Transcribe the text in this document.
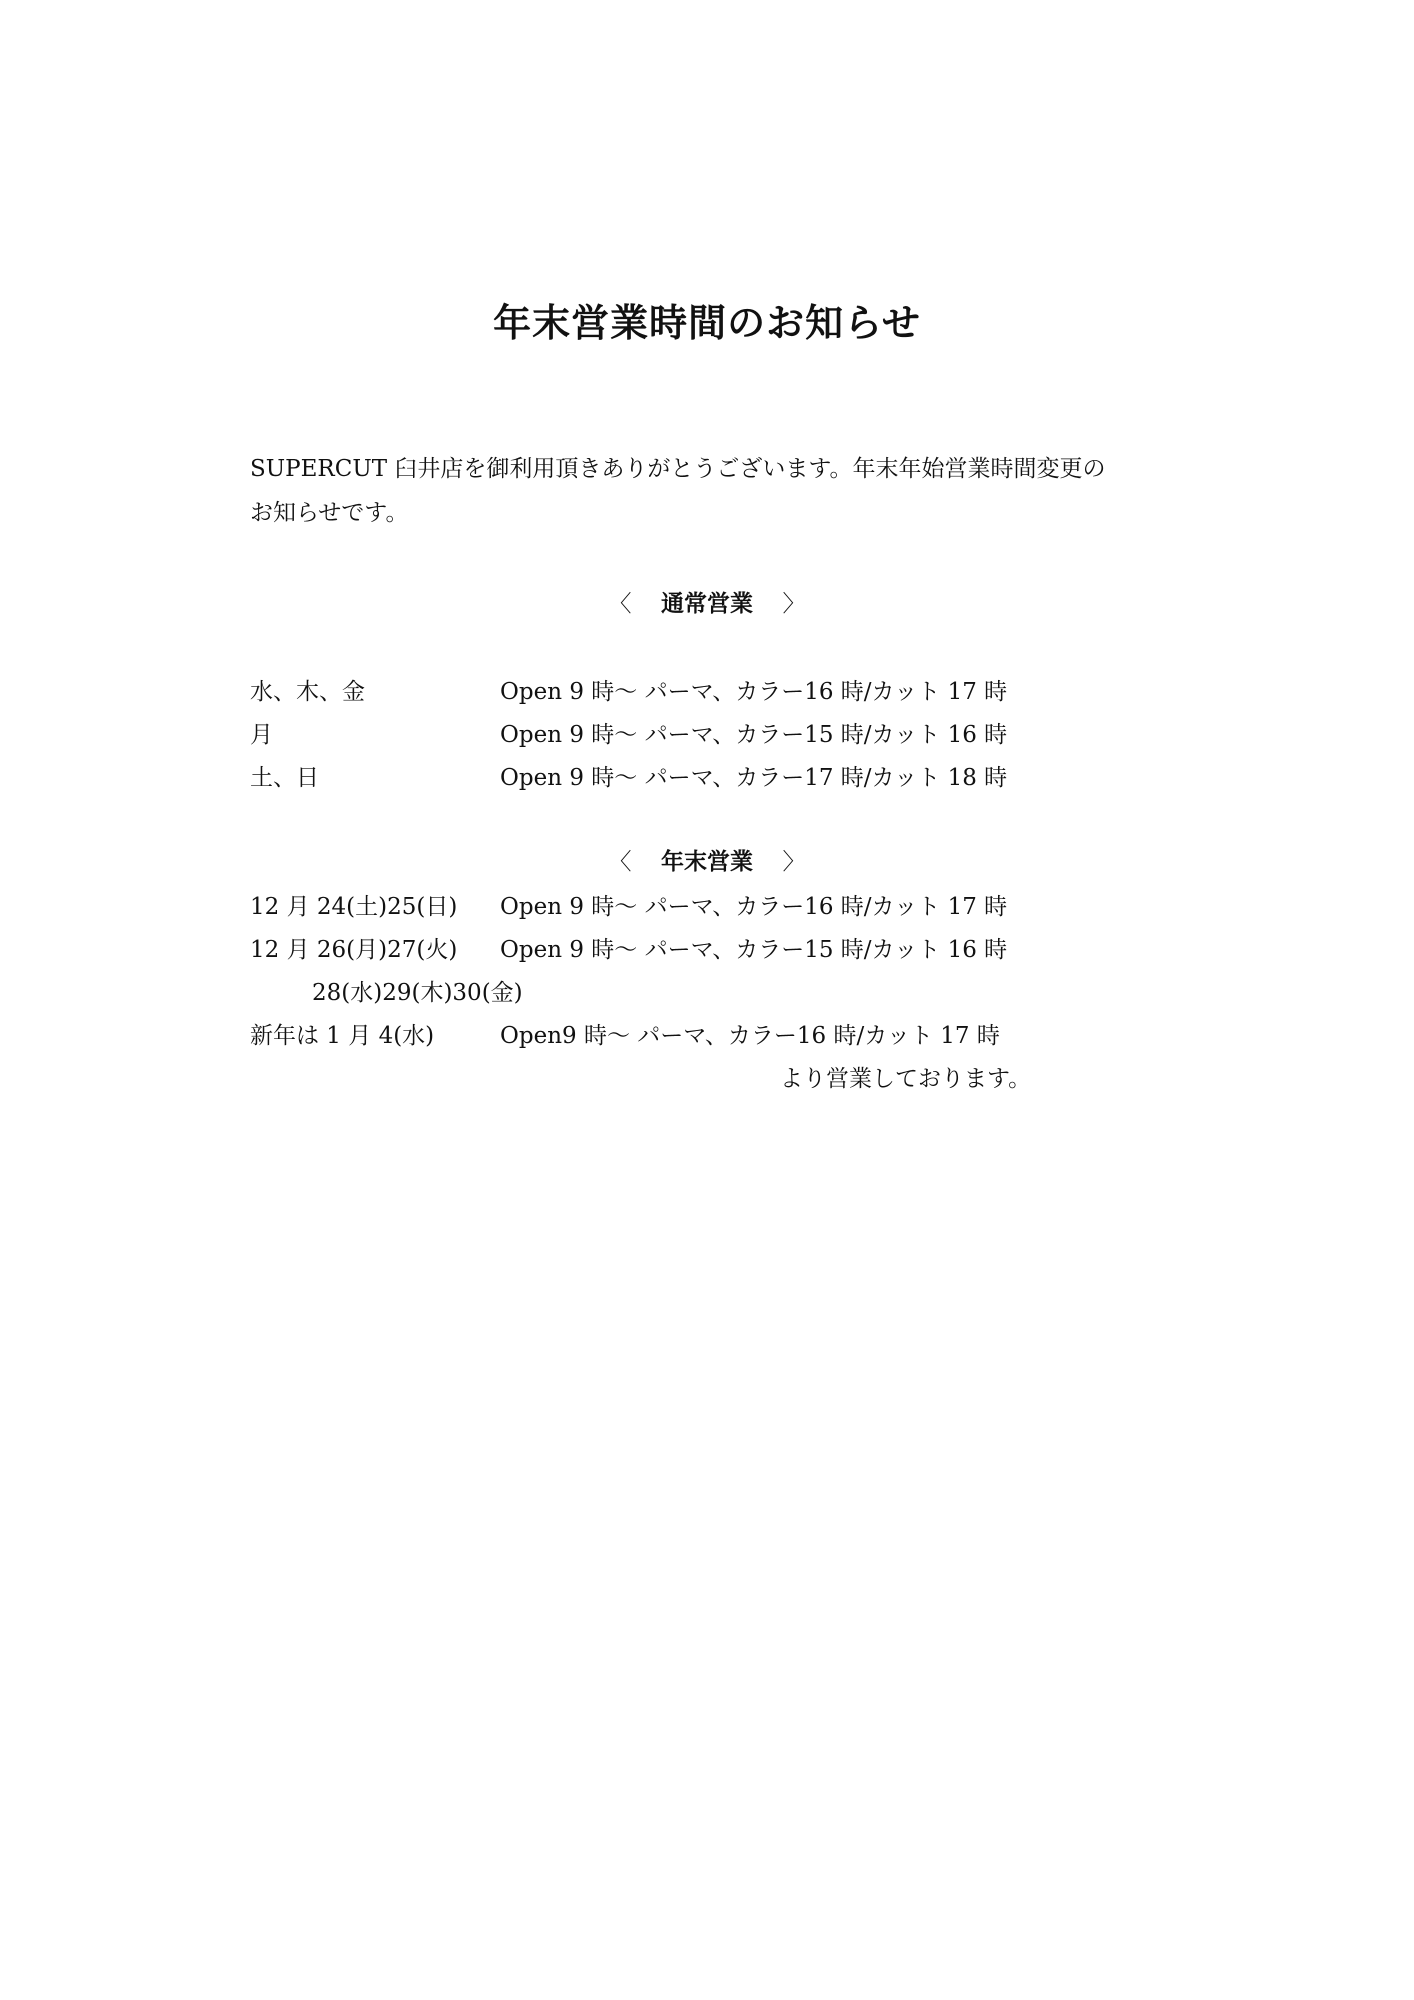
年末営業時間のお知らせ
SUPERCUT 臼井店を御利用頂きありがとうございます。年末年始営業時間変更の
お知らせです。
〈 通常営業 〉
水、木、金	Open 9 時～ パーマ、カラー16 時/カット 17 時
月	Open 9 時～ パーマ、カラー15 時/カット 16 時
土、日	Open 9 時～ パーマ、カラー17 時/カット 18 時
〈 年末営業 〉
12 月 24(土)25(日) Open 9 時～ パーマ、カラー16 時/カット 17 時
12 月 26(月)27(火) Open 9 時～ パーマ、カラー15 時/カット 16 時
28(水)29(木)30(金)
新年は 1 月 4(水)	Open9 時～ パーマ、カラー16 時/カット 17 時
より営業しております。
